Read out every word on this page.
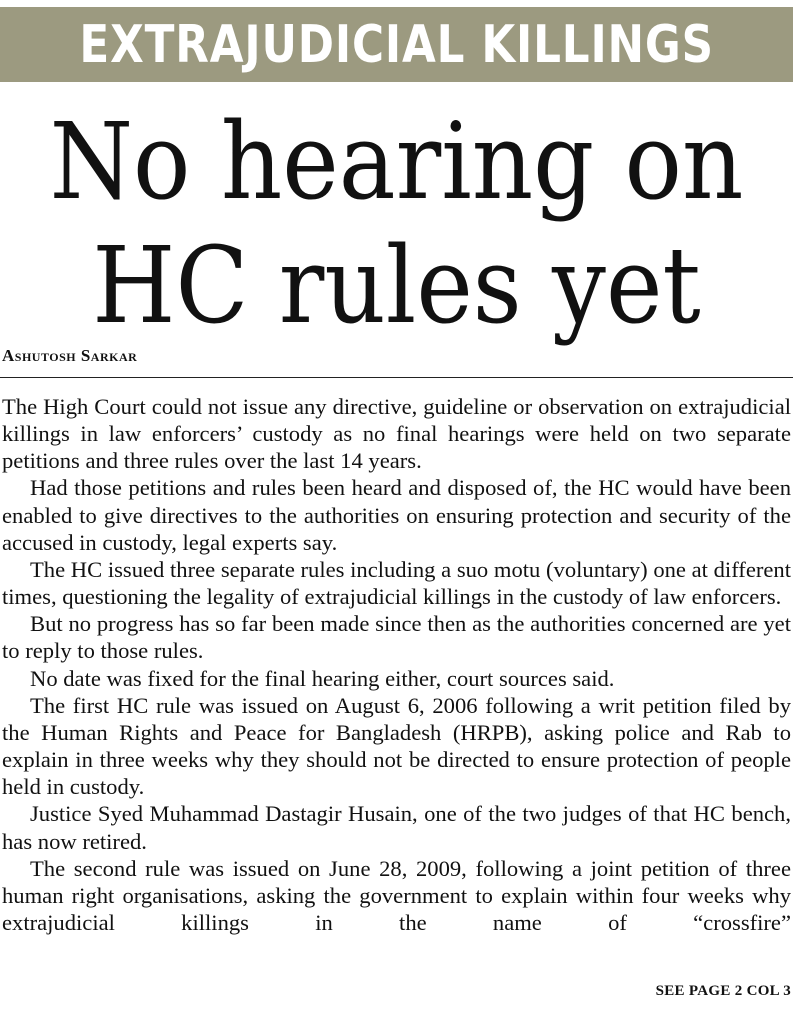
EXTRAJUDICIAL KILLINGS
No hearing on
HC rules yet
Ashutosh Sarkar

The High Court could not issue any directive, guideline or observation on extrajudicial killings in law enforcers’ custody as no final hearings were held on two separate petitions and three rules over the last 14 years.

Had those petitions and rules been heard and disposed of, the HC would have been enabled to give directives to the authorities on ensuring protection and security of the accused in custody, legal experts say.

The HC issued three separate rules including a suo motu (voluntary) one at different times, questioning the legality of extrajudicial killings in the custody of law enforcers.

But no progress has so far been made since then as the authorities concerned are yet to reply to those rules.

No date was fixed for the final hearing either, court sources said.

The first HC rule was issued on August 6, 2006 following a writ petition filed by the Human Rights and Peace for Bangladesh (HRPB), asking police and Rab to explain in three weeks why they should not be directed to ensure protection of people held in custody.

Justice Syed Muhammad Dastagir Husain, one of the two judges of that HC bench, has now retired.

The second rule was issued on June 28, 2009, following a joint petition of three human right organisations, asking the government to explain within four weeks why extrajudicial killings in the name of “crossfire”

SEE PAGE 2 COL 3
